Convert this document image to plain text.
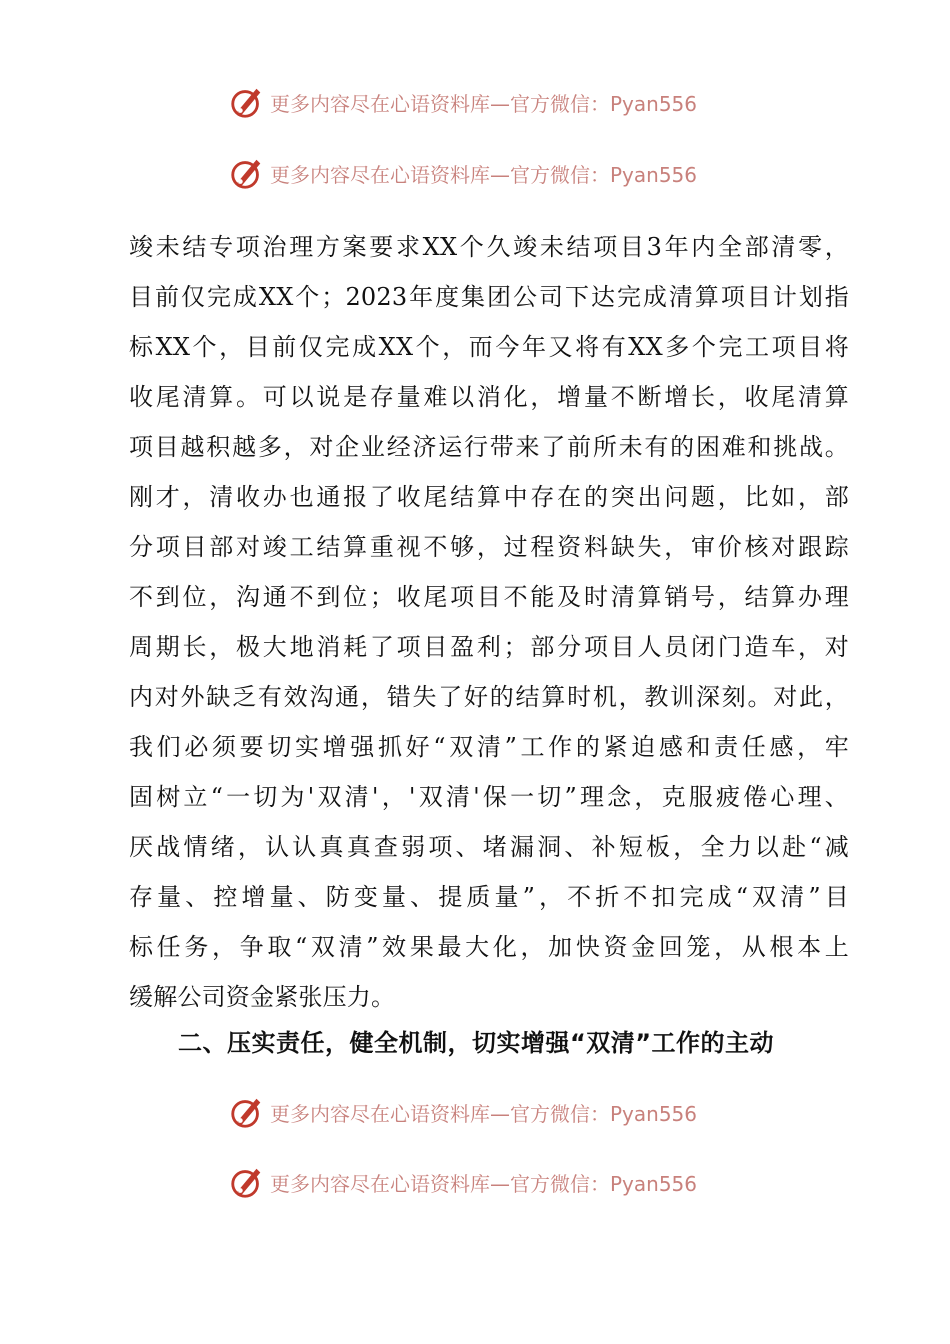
更多内容尽在心语资料库 —官方微信：Pyan556
更多内容尽在心语资料库 —官方微信：Pyan556
竣未结专项治理方案要求XX个久竣未结项目3年内全部清零，
目前仅完成XX个；2023年度集团公司下达完成清算项目计划指
标XX个，目前仅完成XX个，而今年又将有XX多个完工项目将
收尾清算。可以说是存量难以消化，增量不断增长，收尾清算
项目越积越多，对企业经济运行带来了前所未有的困难和挑战。
刚才，清收办也通报了收尾结算中存在的突出问题，比如，部
分项目部对竣工结算重视不够，过程资料缺失，审价核对跟踪
不到位，沟通不到位；收尾项目不能及时清算销号，结算办理
周期长，极大地消耗了项目盈利；部分项目人员闭门造车，对
内对外缺乏有效沟通，错失了好的结算时机，教训深刻。对此，
我们必须要切实增强抓好“双清”工作的紧迫感和责任感，牢
固树立“一切为'双清'，'双清'保一切”理念，克服疲倦心理、
厌战情绪，认认真真查弱项、堵漏洞、补短板，全力以赴“减
存量、控增量、防变量、提质量”，不折不扣完成“双清”目
标任务，争取“双清”效果最大化，加快资金回笼，从根本上
缓解公司资金紧张压力。
二、压实责任，健全机制，切实增强“双清”工作的主动
更多内容尽在心语资料库 —官方微信：Pyan556
更多内容尽在心语资料库 —官方微信：Pyan556
